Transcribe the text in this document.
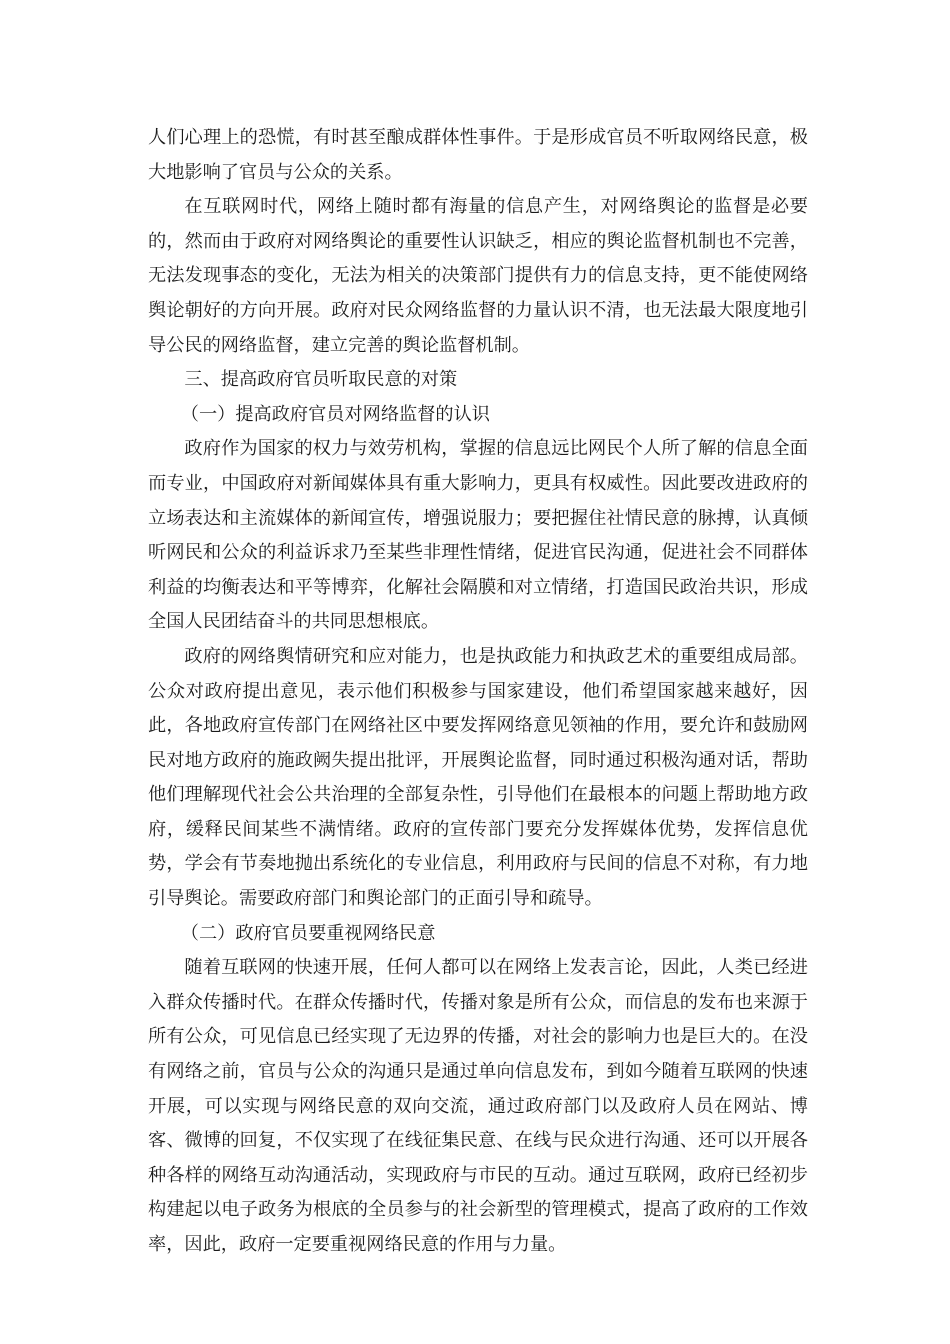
人们心理上的恐慌，有时甚至酿成群体性事件。于是形成官员不听取网络民意，极大地影响了官员与公众的关系。

在互联网时代，网络上随时都有海量的信息产生，对网络舆论的监督是必要的，然而由于政府对网络舆论的重要性认识缺乏，相应的舆论监督机制也不完善，无法发现事态的变化，无法为相关的决策部门提供有力的信息支持，更不能使网络舆论朝好的方向开展。政府对民众网络监督的力量认识不清，也无法最大限度地引导公民的网络监督，建立完善的舆论监督机制。

三、提高政府官员听取民意的对策

（一）提高政府官员对网络监督的认识

政府作为国家的权力与效劳机构，掌握的信息远比网民个人所了解的信息全面而专业，中国政府对新闻媒体具有重大影响力，更具有权威性。因此要改进政府的立场表达和主流媒体的新闻宣传，增强说服力；要把握住社情民意的脉搏，认真倾听网民和公众的利益诉求乃至某些非理性情绪，促进官民沟通，促进社会不同群体利益的均衡表达和平等博弈，化解社会隔膜和对立情绪，打造国民政治共识，形成全国人民团结奋斗的共同思想根底。

政府的网络舆情研究和应对能力，也是执政能力和执政艺术的重要组成局部。公众对政府提出意见，表示他们积极参与国家建设，他们希望国家越来越好，因此，各地政府宣传部门在网络社区中要发挥网络意见领袖的作用，要允许和鼓励网民对地方政府的施政阙失提出批评，开展舆论监督，同时通过积极沟通对话，帮助他们理解现代社会公共治理的全部复杂性，引导他们在最根本的问题上帮助地方政府，缓释民间某些不满情绪。政府的宣传部门要充分发挥媒体优势，发挥信息优势，学会有节奏地抛出系统化的专业信息，利用政府与民间的信息不对称，有力地引导舆论。需要政府部门和舆论部门的正面引导和疏导。

（二）政府官员要重视网络民意

随着互联网的快速开展，任何人都可以在网络上发表言论，因此，人类已经进入群众传播时代。在群众传播时代，传播对象是所有公众，而信息的发布也来源于所有公众，可见信息已经实现了无边界的传播，对社会的影响力也是巨大的。在没有网络之前，官员与公众的沟通只是通过单向信息发布，到如今随着互联网的快速开展，可以实现与网络民意的双向交流，通过政府部门以及政府人员在网站、博客、微博的回复，不仅实现了在线征集民意、在线与民众进行沟通、还可以开展各种各样的网络互动沟通活动，实现政府与市民的互动。通过互联网，政府已经初步构建起以电子政务为根底的全员参与的社会新型的管理模式，提高了政府的工作效率，因此，政府一定要重视网络民意的作用与力量。
